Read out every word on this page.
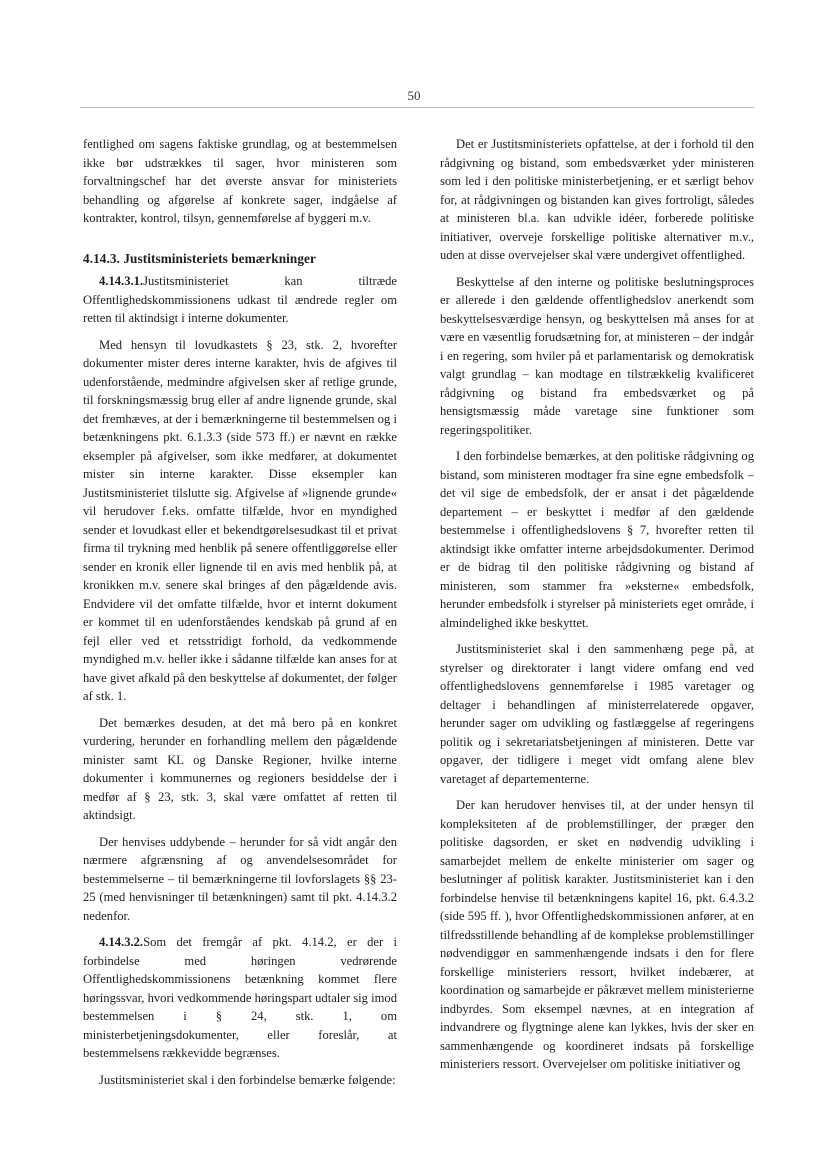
50

fentlighed om sagens faktiske grundlag, og at bestemmelsen ikke bør udstrækkes til sager, hvor ministeren som forvaltningschef har det øverste ansvar for ministeriets behandling og afgørelse af konkrete sager, indgåelse af kontrakter, kontrol, tilsyn, gennemførelse af byggeri m.v.

4.14.3. Justitsministeriets bemærkninger

4.14.3.1.Justitsministeriet kan tiltræde Offentlighedskommissionens udkast til ændrede regler om retten til aktindsigt i interne dokumenter.

Med hensyn til lovudkastets § 23, stk. 2, hvorefter dokumenter mister deres interne karakter, hvis de afgives til udenforstående, medmindre afgivelsen sker af retlige grunde, til forskningsmæssig brug eller af andre lignende grunde, skal det fremhæves, at der i bemærkningerne til bestemmelsen og i betænkningens pkt. 6.1.3.3 (side 573 ff.) er nævnt en række eksempler på afgivelser, som ikke medfører, at dokumentet mister sin interne karakter. Disse eksempler kan Justitsministeriet tilslutte sig. Afgivelse af »lignende grunde« vil herudover f.eks. omfatte tilfælde, hvor en myndighed sender et lovudkast eller et bekendtgørelsesudkast til et privat firma til trykning med henblik på senere offentliggørelse eller sender en kronik eller lignende til en avis med henblik på, at kronikken m.v. senere skal bringes af den pågældende avis. Endvidere vil det omfatte tilfælde, hvor et internt dokument er kommet til en udenforståendes kendskab på grund af en fejl eller ved et retsstridigt forhold, da vedkommende myndighed m.v. heller ikke i sådanne tilfælde kan anses for at have givet afkald på den beskyttelse af dokumentet, der følger af stk. 1.

Det bemærkes desuden, at det må bero på en konkret vurdering, herunder en forhandling mellem den pågældende minister samt KL og Danske Regioner, hvilke interne dokumenter i kommunernes og regioners besiddelse der i medfør af § 23, stk. 3, skal være omfattet af retten til aktindsigt.

Der henvises uddybende – herunder for så vidt angår den nærmere afgrænsning af og anvendelsesområdet for bestemmelserne – til bemærkningerne til lovforslagets §§ 23-25 (med henvisninger til betænkningen) samt til pkt. 4.14.3.2 nedenfor.

4.14.3.2.Som det fremgår af pkt. 4.14.2, er der i forbindelse med høringen vedrørende Offentlighedskommissionens betænkning kommet flere høringssvar, hvori vedkommende høringspart udtaler sig imod bestemmelsen i § 24, stk. 1, om ministerbetjeningsdokumenter, eller foreslår, at bestemmelsens rækkevidde begrænses.

Justitsministeriet skal i den forbindelse bemærke følgende:

Det er Justitsministeriets opfattelse, at der i forhold til den rådgivning og bistand, som embedsværket yder ministeren som led i den politiske ministerbetjening, er et særligt behov for, at rådgivningen og bistanden kan gives fortroligt, således at ministeren bl.a. kan udvikle idéer, forberede politiske initiativer, overveje forskellige politiske alternativer m.v., uden at disse overvejelser skal være undergivet offentlighed.

Beskyttelse af den interne og politiske beslutningsproces er allerede i den gældende offentlighedslov anerkendt som beskyttelsesværdige hensyn, og beskyttelsen må anses for at være en væsentlig forudsætning for, at ministeren – der indgår i en regering, som hviler på et parlamentarisk og demokratisk valgt grundlag – kan modtage en tilstrækkelig kvalificeret rådgivning og bistand fra embedsværket og på hensigtsmæssig måde varetage sine funktioner som regeringspolitiker.

I den forbindelse bemærkes, at den politiske rådgivning og bistand, som ministeren modtager fra sine egne embedsfolk – det vil sige de embedsfolk, der er ansat i det pågældende departement – er beskyttet i medfør af den gældende bestemmelse i offentlighedslovens § 7, hvorefter retten til aktindsigt ikke omfatter interne arbejdsdokumenter. Derimod er de bidrag til den politiske rådgivning og bistand af ministeren, som stammer fra »eksterne« embedsfolk, herunder embedsfolk i styrelser på ministeriets eget område, i almindelighed ikke beskyttet.

Justitsministeriet skal i den sammenhæng pege på, at styrelser og direktorater i langt videre omfang end ved offentlighedslovens gennemførelse i 1985 varetager og deltager i behandlingen af ministerrelaterede opgaver, herunder sager om udvikling og fastlæggelse af regeringens politik og i sekretariatsbetjeningen af ministeren. Dette var opgaver, der tidligere i meget vidt omfang alene blev varetaget af departementerne.

Der kan herudover henvises til, at der under hensyn til kompleksiteten af de problemstillinger, der præger den politiske dagsorden, er sket en nødvendig udvikling i samarbejdet mellem de enkelte ministerier om sager og beslutninger af politisk karakter. Justitsministeriet kan i den forbindelse henvise til betænkningens kapitel 16, pkt. 6.4.3.2 (side 595 ff. ), hvor Offentlighedskommissionen anfører, at en tilfredsstillende behandling af de komplekse problemstillinger nødvendiggør en sammenhængende indsats i den for flere forskellige ministeriers ressort, hvilket indebærer, at koordination og samarbejde er påkrævet mellem ministerierne indbyrdes. Som eksempel nævnes, at en integration af indvandrere og flygtninge alene kan lykkes, hvis der sker en sammenhængende og koordineret indsats på forskellige ministeriers ressort. Overvejelser om politiske initiativer og
